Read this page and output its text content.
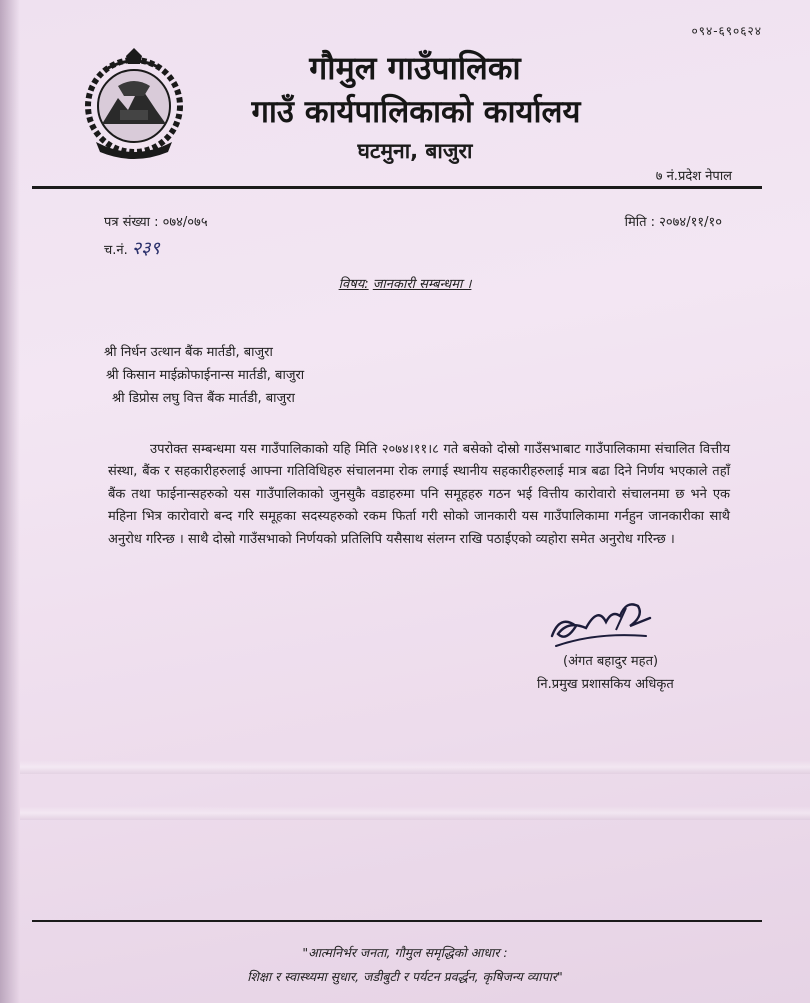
०९४-६९०६२४
गौमुल गाउँपालिका
गाउँ कार्यपालिकाको कार्यालय
घटमुना, बाजुरा
७ नं.प्रदेश नेपाल
पत्र संख्या : ०७४/०७५	मिति : २०७४/११/१०
च.नं. २३९
विषय: जानकारी सम्बन्धमा ।
श्री निर्धन उत्थान बैंक मार्तडी, बाजुरा
श्री किसान माईक्रोफाईनान्स मार्तडी, बाजुरा
श्री डिप्रोस लघु वित्त बैंक मार्तडी, बाजुरा
उपरोक्त सम्बन्धमा यस गाउँपालिकाको यहि मिति २०७४।११।८ गते बसेको दोस्रो गाउँसभाबाट गाउँपालिकामा संचालित वित्तीय संस्था, बैंक र सहकारीहरुलाई आफ्ना गतिविधिहरु संचालनमा रोक लगाई स्थानीय सहकारीहरुलाई मात्र बढा दिने निर्णय भएकाले तहाँ बैंक तथा फाईनान्सहरुको यस गाउँपालिकाको जुनसुकै वडाहरुमा पनि समूहहरु गठन भई वित्तीय कारोवारो संचालनमा छ भने एक महिना भित्र कारोवारो बन्द गरि समूहका सदस्यहरुको रकम फिर्ता गरी सोको जानकारी यस गाउँपालिकामा गर्नहुन जानकारीका साथै अनुरोध गरिन्छ । साथै दोस्रो गाउँसभाको निर्णयको प्रतिलिपि यसैसाथ संलग्न राखि पठाईएको व्यहोरा समेत अनुरोध गरिन्छ ।
(अंगत बहादुर महत)
नि.प्रमुख प्रशासकिय अधिकृत
"आत्मनिर्भर जनता, गौमुल समृद्धिको आधार :
शिक्षा र स्वास्थ्यमा सुधार, जडीबुटी र पर्यटन प्रवर्द्धन, कृषिजन्य व्यापार"
